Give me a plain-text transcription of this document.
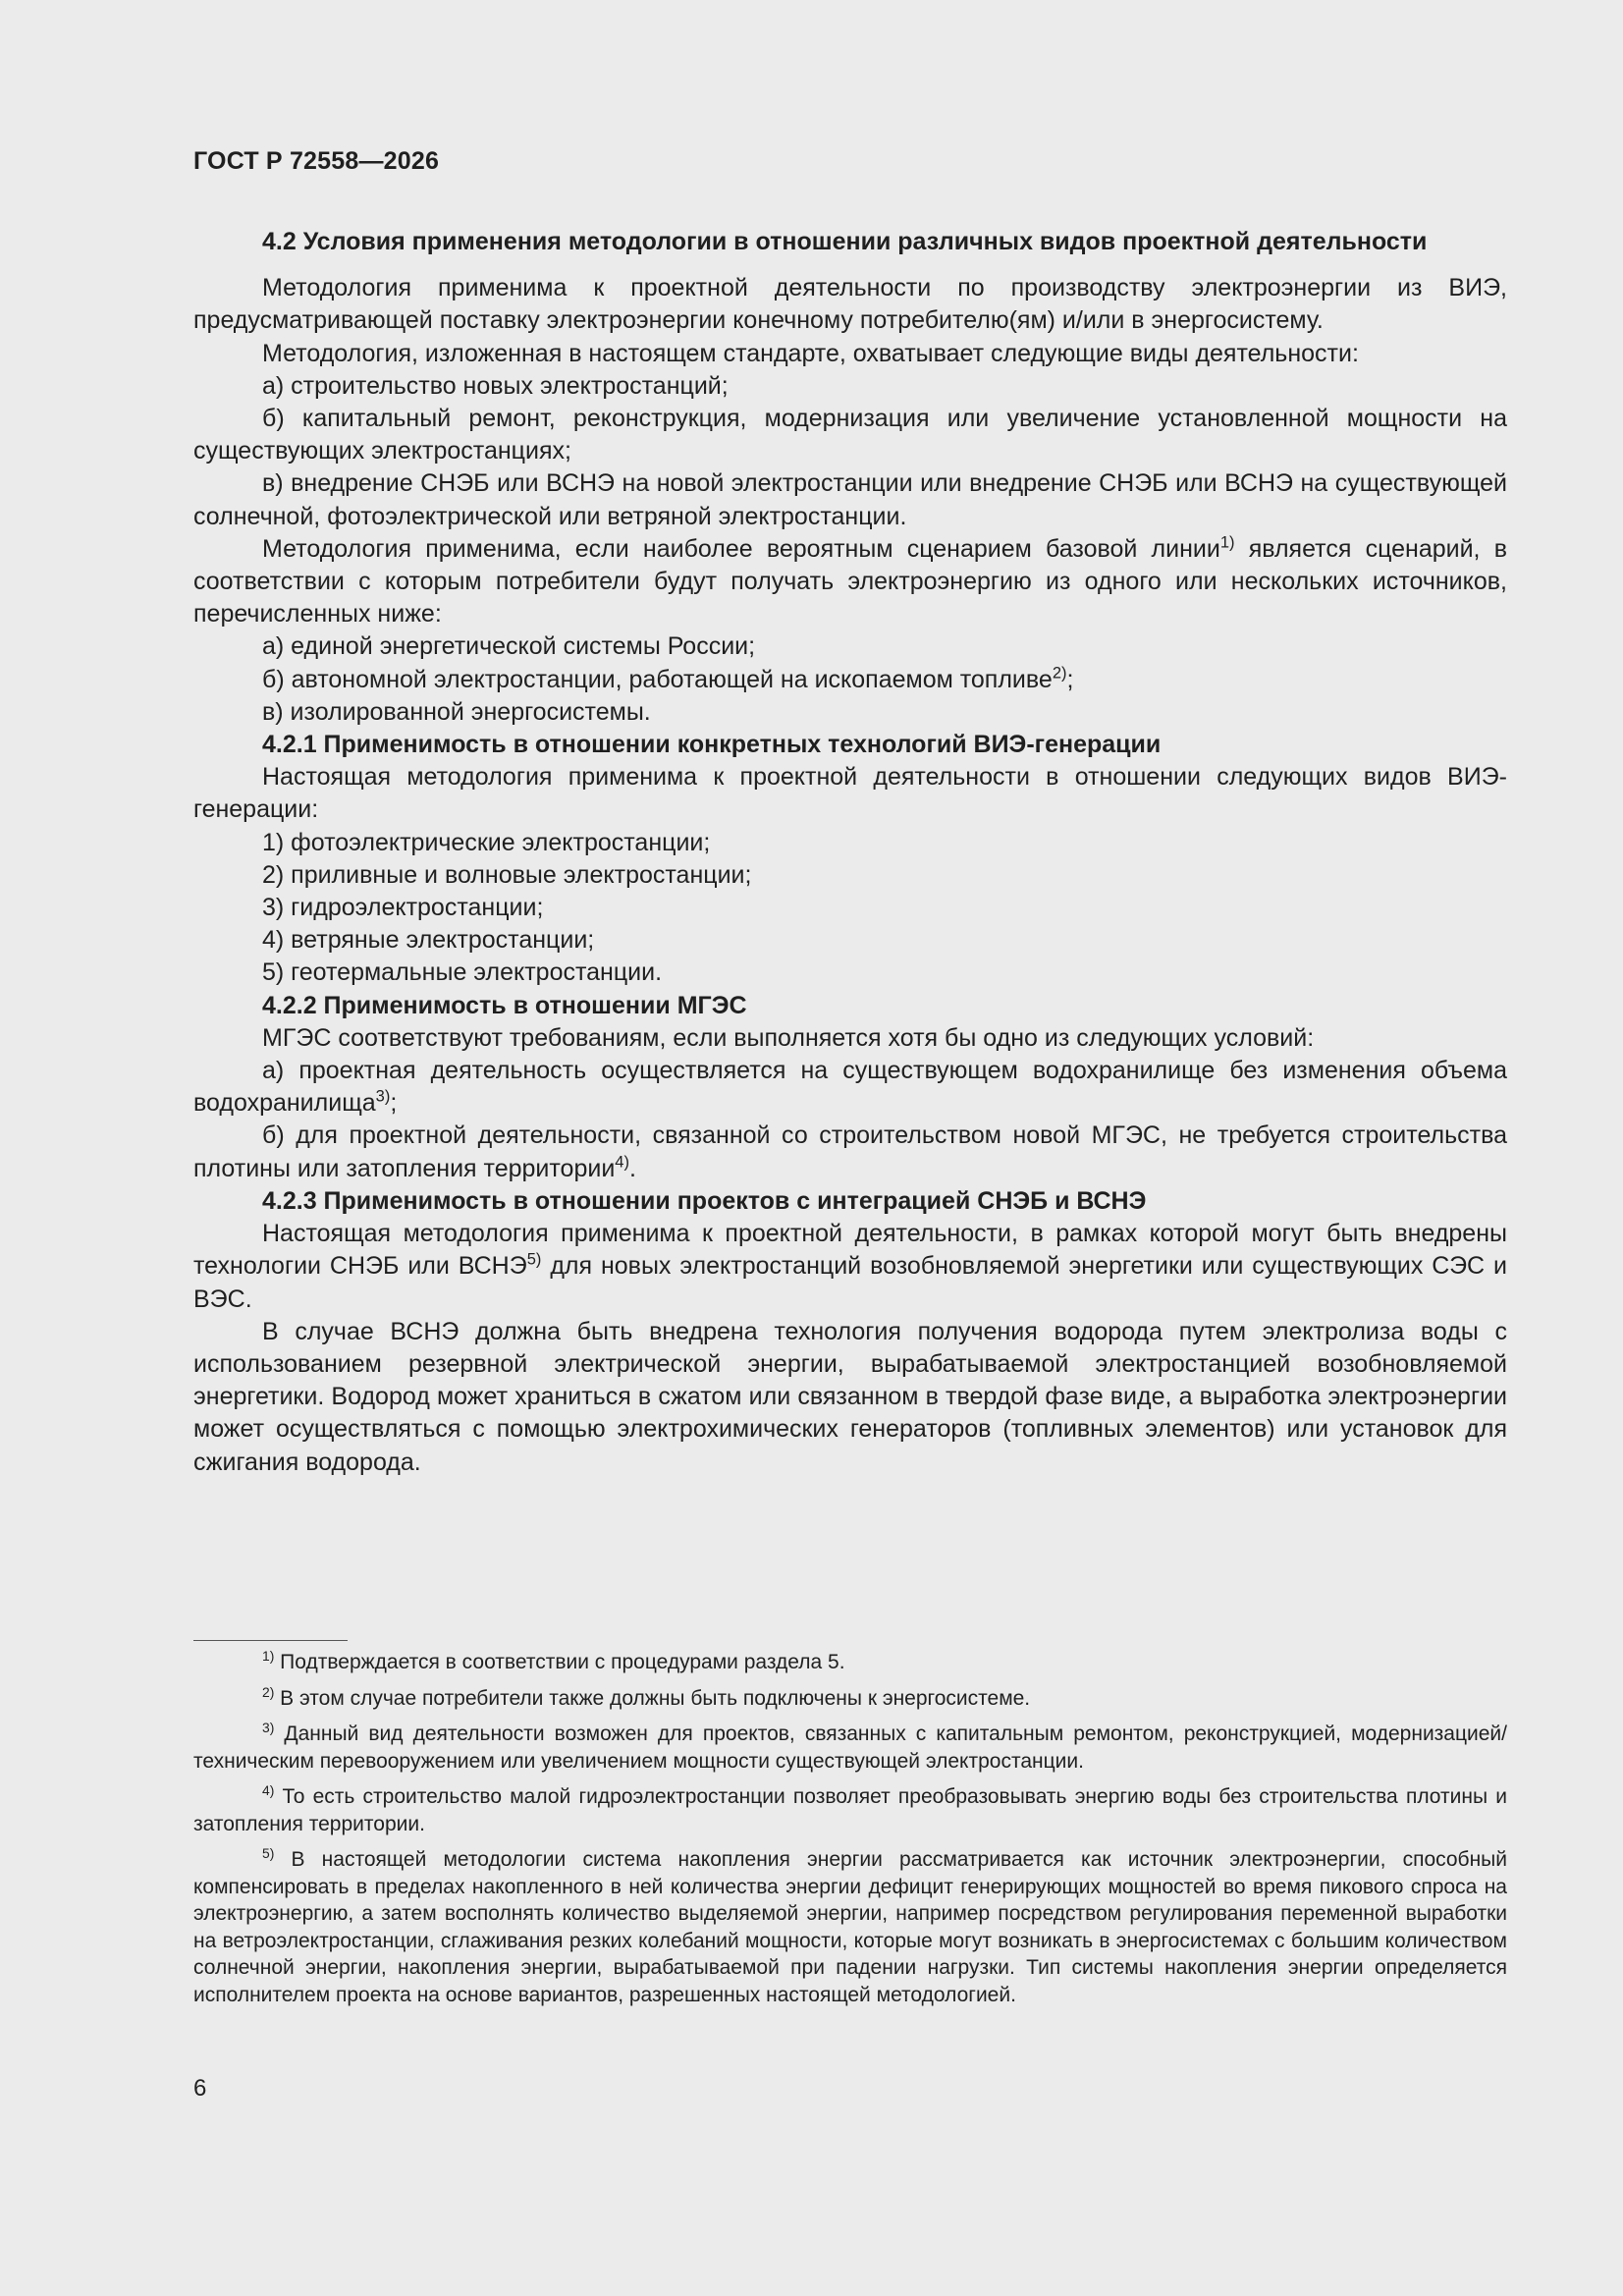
ГОСТ Р 72558—2026

4.2 Условия применения методологии в отношении различных видов проектной деятельности

Методология применима к проектной деятельности по производству электроэнергии из ВИЭ, предусматривающей поставку электроэнергии конечному потребителю(ям) и/или в энергосистему.

Методология, изложенная в настоящем стандарте, охватывает следующие виды деятельности:

а) строительство новых электростанций;

б) капитальный ремонт, реконструкция, модернизация или увеличение установленной мощности на существующих электростанциях;

в) внедрение СНЭБ или ВСНЭ на новой электростанции или внедрение СНЭБ или ВСНЭ на существующей солнечной, фотоэлектрической или ветряной электростанции.

Методология применима, если наиболее вероятным сценарием базовой линии$^{1)}$ является сценарий, в соответствии с которым потребители будут получать электроэнергию из одного или нескольких источников, перечисленных ниже:

а) единой энергетической системы России;

б) автономной электростанции, работающей на ископаемом топливе$^{2)}$;

в) изолированной энергосистемы.

4.2.1 Применимость в отношении конкретных технологий ВИЭ-генерации

Настоящая методология применима к проектной деятельности в отношении следующих видов ВИЭ-генерации:

1) фотоэлектрические электростанции;

2) приливные и волновые электростанции;

3) гидроэлектростанции;

4) ветряные электростанции;

5) геотермальные электростанции.

4.2.2 Применимость в отношении МГЭС

МГЭС соответствуют требованиям, если выполняется хотя бы одно из следующих условий:

а) проектная деятельность осуществляется на существующем водохранилище без изменения объема водохранилища$^{3)}$;

б) для проектной деятельности, связанной со строительством новой МГЭС, не требуется строительства плотины или затопления территории$^{4)}$.

4.2.3 Применимость в отношении проектов с интеграцией СНЭБ и ВСНЭ

Настоящая методология применима к проектной деятельности, в рамках которой могут быть внедрены технологии СНЭБ или ВСНЭ$^{5)}$ для новых электростанций возобновляемой энергетики или существующих СЭС и ВЭС.

В случае ВСНЭ должна быть внедрена технология получения водорода путем электролиза воды с использованием резервной электрической энергии, вырабатываемой электростанцией возобновляемой энергетики. Водород может храниться в сжатом или связанном в твердой фазе виде, а выработка электроэнергии может осуществляться с помощью электрохимических генераторов (топливных элементов) или установок для сжигания водорода.

$^{1)}$ Подтверждается в соответствии с процедурами раздела 5.

$^{2)}$ В этом случае потребители также должны быть подключены к энергосистеме.

$^{3)}$ Данный вид деятельности возможен для проектов, связанных с капитальным ремонтом, реконструкцией, модернизацией/техническим перевооружением или увеличением мощности существующей электростанции.

$^{4)}$ То есть строительство малой гидроэлектростанции позволяет преобразовывать энергию воды без строительства плотины и затопления территории.

$^{5)}$ В настоящей методологии система накопления энергии рассматривается как источник электроэнергии, способный компенсировать в пределах накопленного в ней количества энергии дефицит генерирующих мощностей во время пикового спроса на электроэнергию, а затем восполнять количество выделяемой энергии, например посредством регулирования переменной выработки на ветроэлектростанции, сглаживания резких колебаний мощности, которые могут возникать в энергосистемах с большим количеством солнечной энергии, накопления энергии, вырабатываемой при падении нагрузки. Тип системы накопления энергии определяется исполнителем проекта на основе вариантов, разрешенных настоящей методологией.

6
